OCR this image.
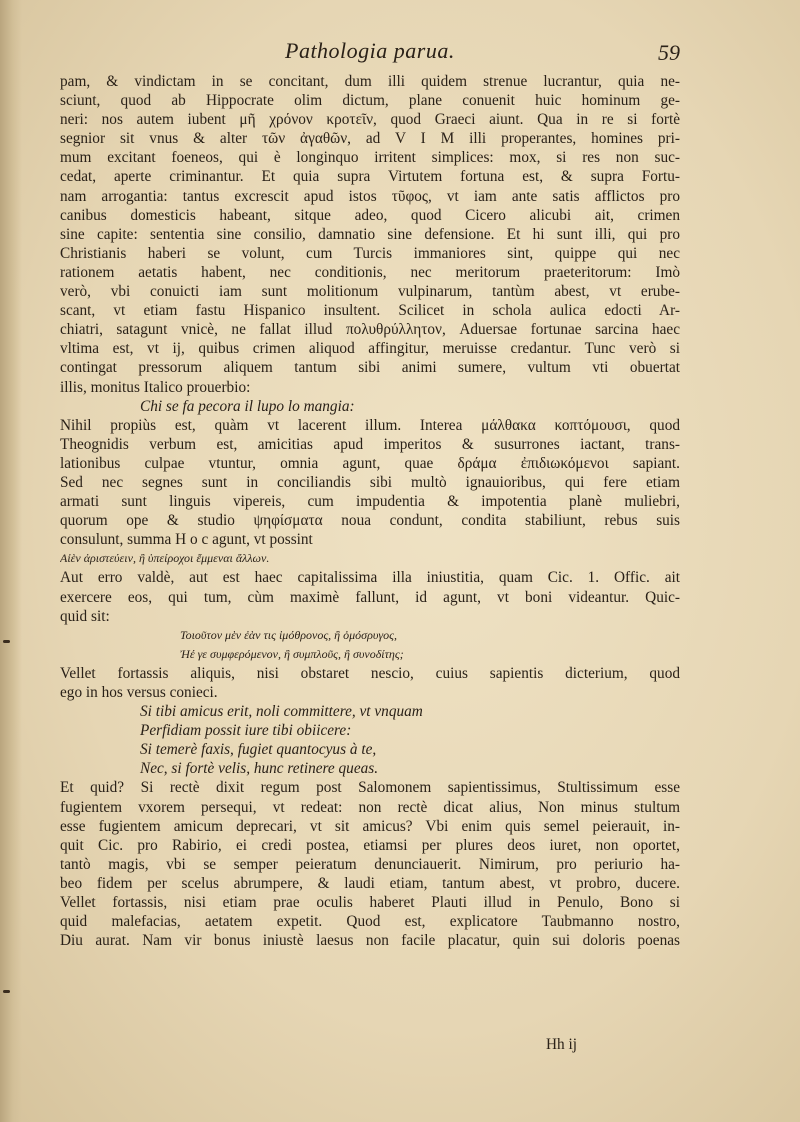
Pathologia parua.	59
pam, & vindictam in se concitant, dum illi quidem strenue lucrantur, quia ne-
sciunt, quod ab Hippocrate olim dictum, plane conuenit huic hominum ge-
neri: nos autem iubent μῆ χρόνον κροτεῖν, quod Graeci aiunt. Qua in re si fortè
segnior sit vnus & alter τῶν ἀγαθῶν, ad V I M illi properantes, homines pri-
mum excitant foeneos, qui è longinquo irritent simplices: mox, si res non suc-
cedat, aperte criminantur. Et quia supra Virtutem fortuna est, & supra Fortu-
nam arrogantia: tantus excrescit apud istos τῦφος, vt iam ante satis afflictos pro
canibus domesticis habeant, sitque adeo, quod Cicero alicubi ait, crimen
sine capite: sententia sine consilio, damnatio sine defensione. Et hi sunt illi, qui pro
Christianis haberi se volunt, cum Turcis immaniores sint, quippe qui nec
rationem aetatis habent, nec conditionis, nec meritorum praeteritorum: Imò
verò, vbi conuicti iam sunt molitionum vulpinarum, tantùm abest, vt erube-
scant, vt etiam fastu Hispanico insultent. Scilicet in schola aulica edocti Ar-
chiatri, satagunt vnicè, ne fallat illud πολυθρύλλητον, Aduersae fortunae sarcina haec
vltima est, vt ij, quibus crimen aliquod affingitur, meruisse credantur. Tunc verò si
contingat pressorum aliquem tantum sibi animi sumere, vultum vti obuertat
illis, monitus Italico prouerbio:
Chi se fa pecora il lupo lo mangia:
Nihil propiùs est, quàm vt lacerent illum. Interea μάλθακα κοπτόμουσι, quod
Theognidis verbum est, amicitias apud imperitos & susurrones iactant, trans-
lationibus culpae vtuntur, omnia agunt, quae δράμα ἐπιδιωκόμενοι sapiant.
Sed nec segnes sunt in conciliandis sibi multò ignauioribus, qui fere etiam
armati sunt linguis vipereis, cum impudentia & impotentia planè muliebri,
quorum ope & studio ψηφίσματα noua condunt, condita stabiliunt, rebus suis
consulunt, summa H o c agunt, vt possint
Αἰὲν ἀριστεύειν, ἢ ὑπείροχοι ἔμμεναι ἄλλων.
Aut erro valdè, aut est haec capitalissima illa iniustitia, quam Cic. 1. Offic. ait
exercere eos, qui tum, cùm maximè fallunt, id agunt, vt boni videantur. Quic-
quid sit:
Τοιοῦτον μὲν ἐὰν τις ἱμόθρονος, ἢ ὁμόσρυγος,
Ἠέ γε συμφερόμενον, ἢ συμπλοῦς, ἢ συνοδίτης;
Vellet fortassis aliquis, nisi obstaret nescio, cuius sapientis dicterium, quod
ego in hos versus conieci.
Si tibi amicus erit, noli committere, vt vnquam
Perfidiam possit iure tibi obiicere:
Si temerè faxis, fugiet quantocyus à te,
Nec, si fortè velis, hunc retinere queas.
Et quid? Si rectè dixit regum post Salomonem sapientissimus, Stultissimum esse
fugientem vxorem persequi, vt redeat: non rectè dicat alius, Non minus stultum
esse fugientem amicum deprecari, vt sit amicus? Vbi enim quis semel peierauit, in-
quit Cic. pro Rabirio, ei credi postea, etiamsi per plures deos iuret, non oportet,
tantò magis, vbi se semper peieratum denunciauerit. Nimirum, pro periurio ha-
beo fidem per scelus abrumpere, & laudi etiam, tantum abest, vt probro, ducere.
Vellet fortassis, nisi etiam prae oculis haberet Plauti illud in Penulo, Bono si
quid malefacias, aetatem expetit. Quod est, explicatore Taubmanno nostro,
Diu aurat. Nam vir bonus iniustè laesus non facile placatur, quin sui doloris poenas
Hh ij
